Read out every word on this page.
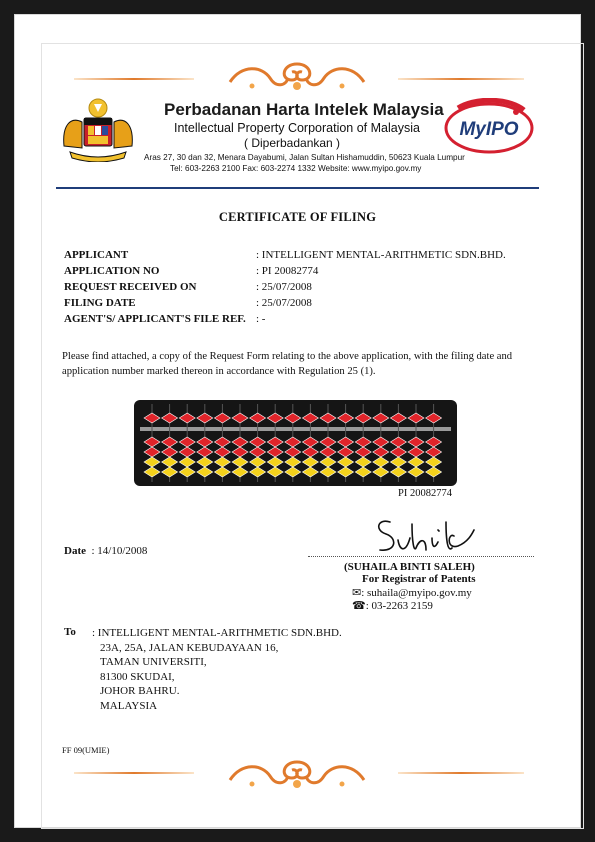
Perbadanan Harta Intelek Malaysia
Intellectual Property Corporation of Malaysia
( Diperbadankan )
Aras 27, 30 dan 32, Menara Dayabumi, Jalan Sultan Hishamuddin, 50623 Kuala Lumpur
Tel: 603-2263 2100 Fax: 603-2274 1332 Website: www.myipo.gov.my
MyIPO
CERTIFICATE OF FILING
APPLICANT	: INTELLIGENT MENTAL-ARITHMETIC SDN.BHD.
APPLICATION NO	: PI 20082774
REQUEST RECEIVED ON	: 25/07/2008
FILING DATE	: 25/07/2008
AGENT'S/ APPLICANT'S FILE REF. : -
Please find attached, a copy of the Request Form relating to the above application, with the filing date and application number marked thereon in accordance with Regulation 25 (1).
PI 20082774
Date : 14/10/2008
(SUHAILA BINTI SALEH)
For Registrar of Patents
✉: suhaila@myipo.gov.my
☎: 03-2263 2159
To : INTELLIGENT MENTAL-ARITHMETIC SDN.BHD.
23A, 25A, JALAN KEBUDAYAAN 16,
TAMAN UNIVERSITI,
81300 SKUDAI,
JOHOR BAHRU.
MALAYSIA
FF 09(UMIE)
